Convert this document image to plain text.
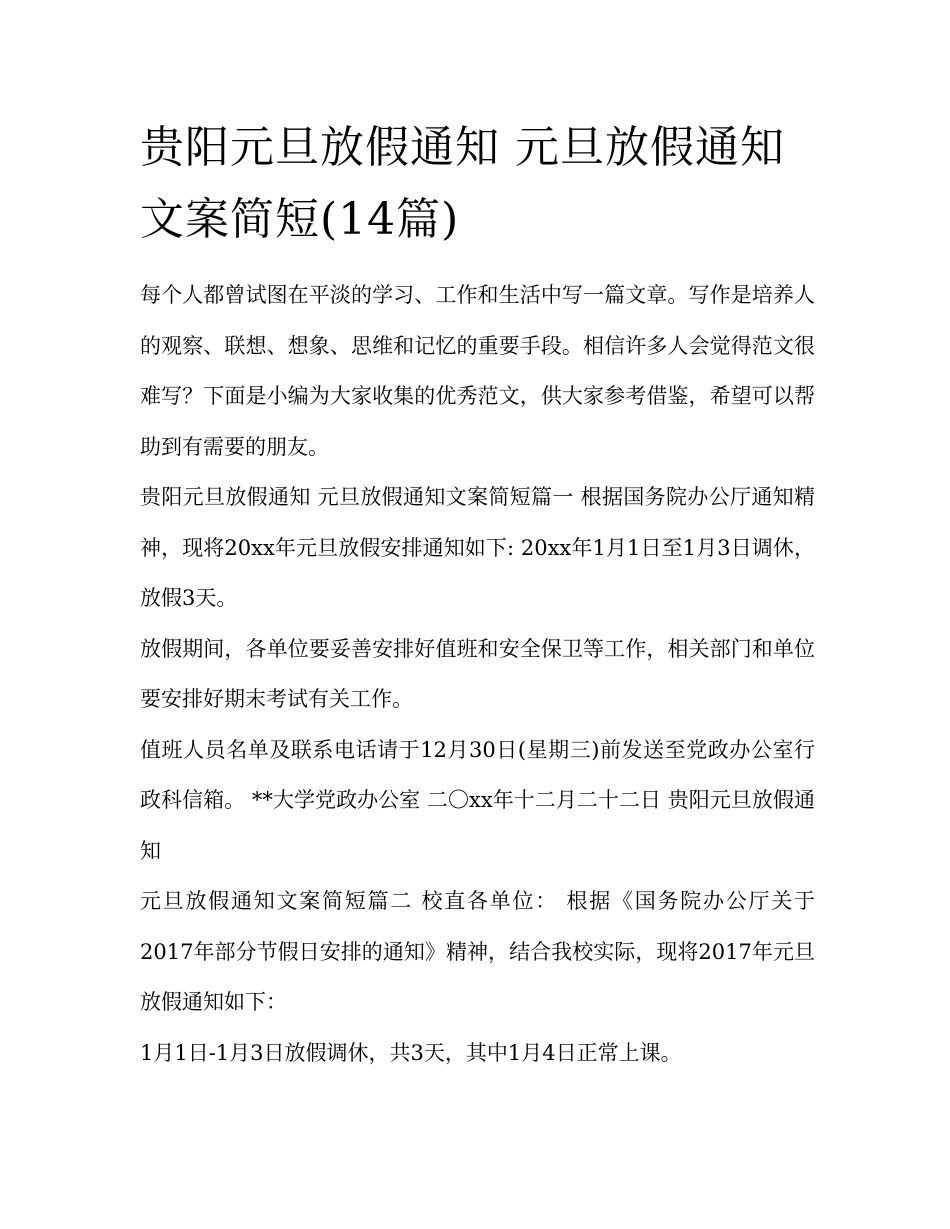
贵阳元旦放假通知 元旦放假通知文案简短(14篇)

每个人都曾试图在平淡的学习、工作和生活中写一篇文章。写作是培养人的观察、联想、想象、思维和记忆的重要手段。相信许多人会觉得范文很难写？下面是小编为大家收集的优秀范文，供大家参考借鉴，希望可以帮助到有需要的朋友。

贵阳元旦放假通知 元旦放假通知文案简短篇一 根据国务院办公厅通知精神，现将20xx年元旦放假安排通知如下: 20xx年1月1日至1月3日调休，放假3天。

放假期间，各单位要妥善安排好值班和安全保卫等工作，相关部门和单位要安排好期末考试有关工作。

值班人员名单及联系电话请于12月30日(星期三)前发送至党政办公室行政科信箱。 **大学党政办公室 二〇xx年十二月二十二日 贵阳元旦放假通知

元旦放假通知文案简短篇二 校直各单位： 根据《国务院办公厅关于2017年部分节假日安排的通知》精神，结合我校实际，现将2017年元旦放假通知如下：

1月1日-1月3日放假调休，共3天，其中1月4日正常上课。
